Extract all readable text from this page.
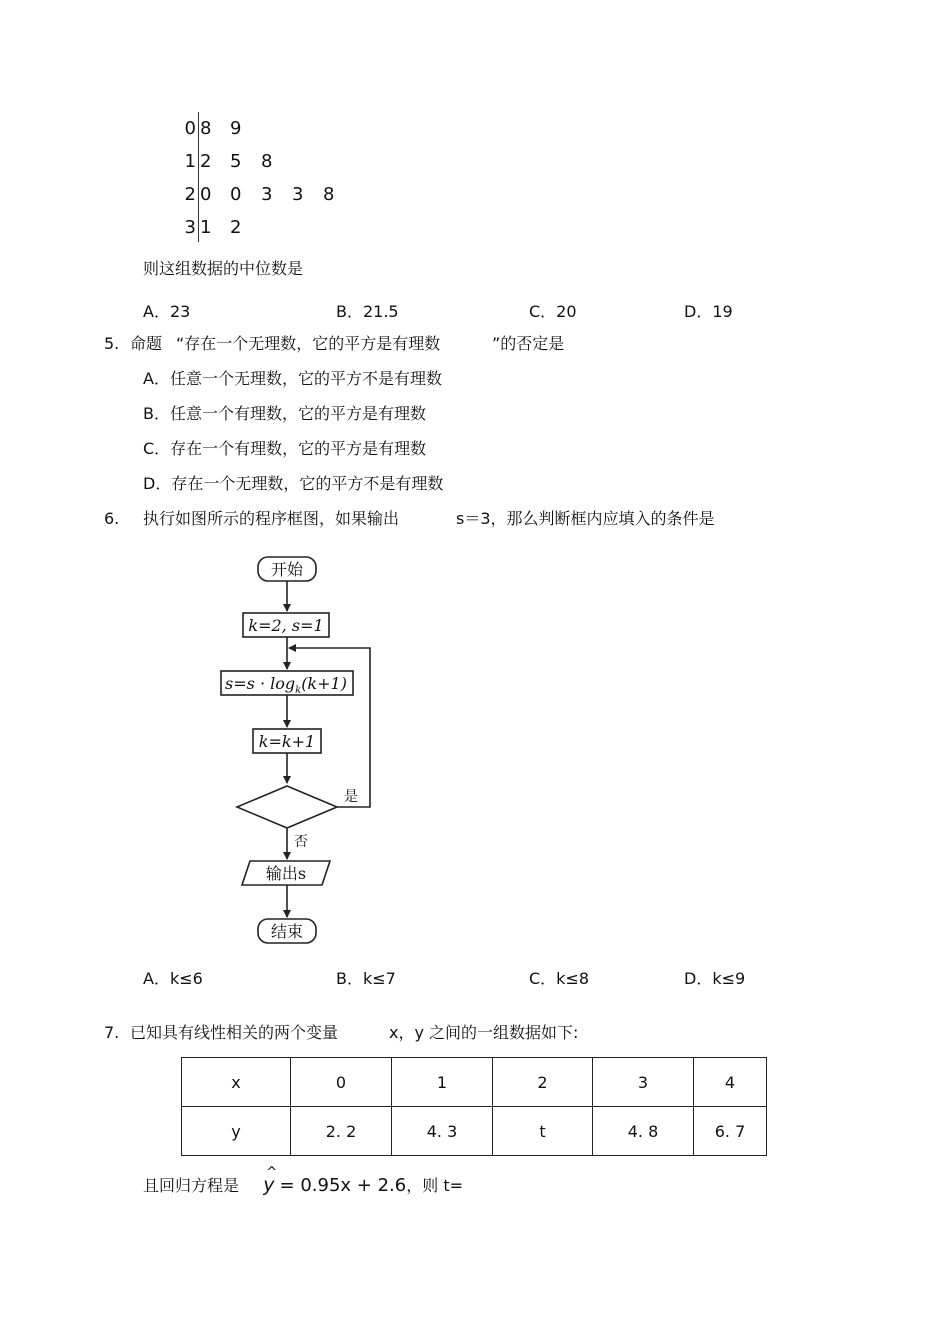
0 8 9
1 2 5 8
2 0 0 3 3 8
3 1 2
则这组数据的中位数是
A．23	B．21.5	C．20	D．19
5. 命题 “存在一个无理数，它的平方是有理数	”的否定是
A．任意一个无理数，它的平方不是有理数
B．任意一个有理数，它的平方是有理数
C．存在一个有理数，它的平方是有理数
D．存在一个无理数，它的平方不是有理数
6. 执行如图所示的程序框图，如果输出	s＝3，那么判断框内应填入的条件是
开始
k=2, s=1
$s=s \cdot \log_k(k+1)$
k=k+1
是
否
输出s
结束
A．k≤6	B．k≤7	C．k≤8	D．k≤9
7. 已知具有线性相关的两个变量	x，y 之间的一组数据如下:
x	0	1	2	3	4
y	2. 2	4. 3	t	4. 8	6. 7
且回归方程是 ^ y = 0.95x + 2.6，则 t=
